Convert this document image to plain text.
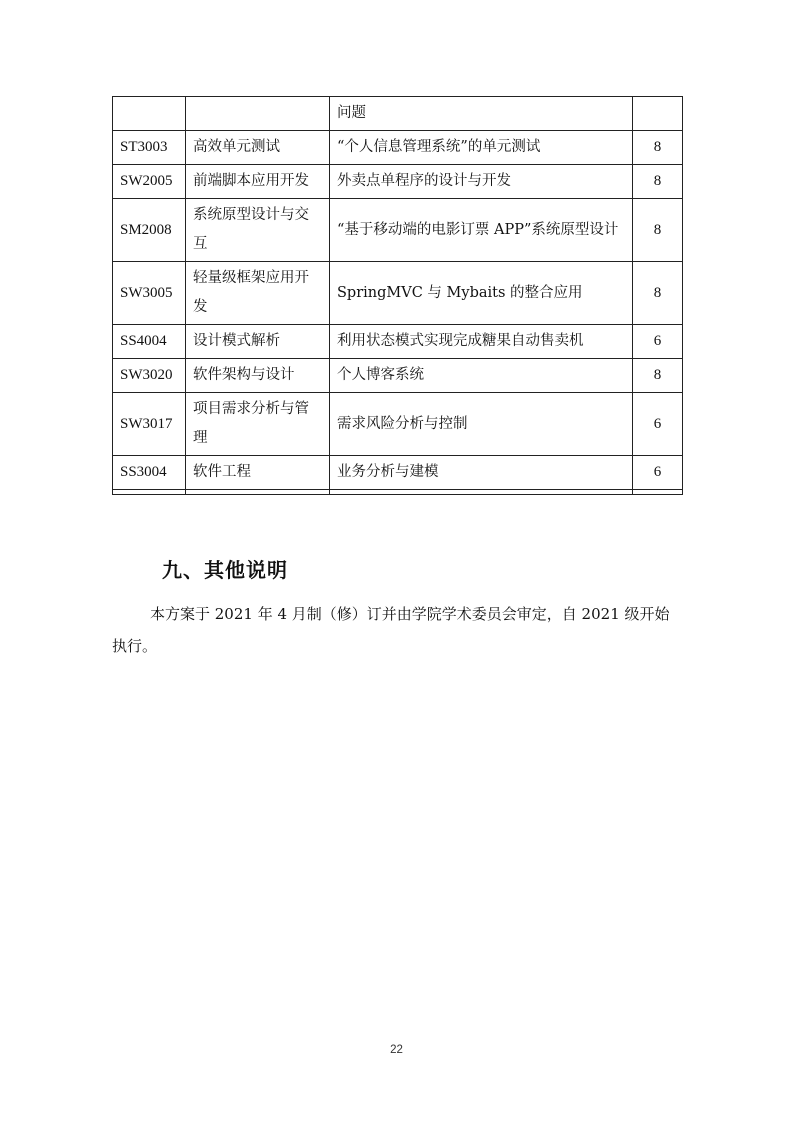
		问题	
ST3003	高效单元测试	“个人信息管理系统”的单元测试	8
SW2005	前端脚本应用开发	外卖点单程序的设计与开发	8
SM2008	系统原型设计与交互	“基于移动端的电影订票 APP”系统原型设计	8
SW3005	轻量级框架应用开发	SpringMVC 与 Mybaits 的整合应用	8
SS4004	设计模式解析	利用状态模式实现完成糖果自动售卖机	6
SW3020	软件架构与设计	个人博客系统	8
SW3017	项目需求分析与管理	需求风险分析与控制	6
SS3004	软件工程	业务分析与建模	6

九、其他说明

本方案于 2021 年 4 月制（修）订并由学院学术委员会审定，自 2021 级开始执行。

22
